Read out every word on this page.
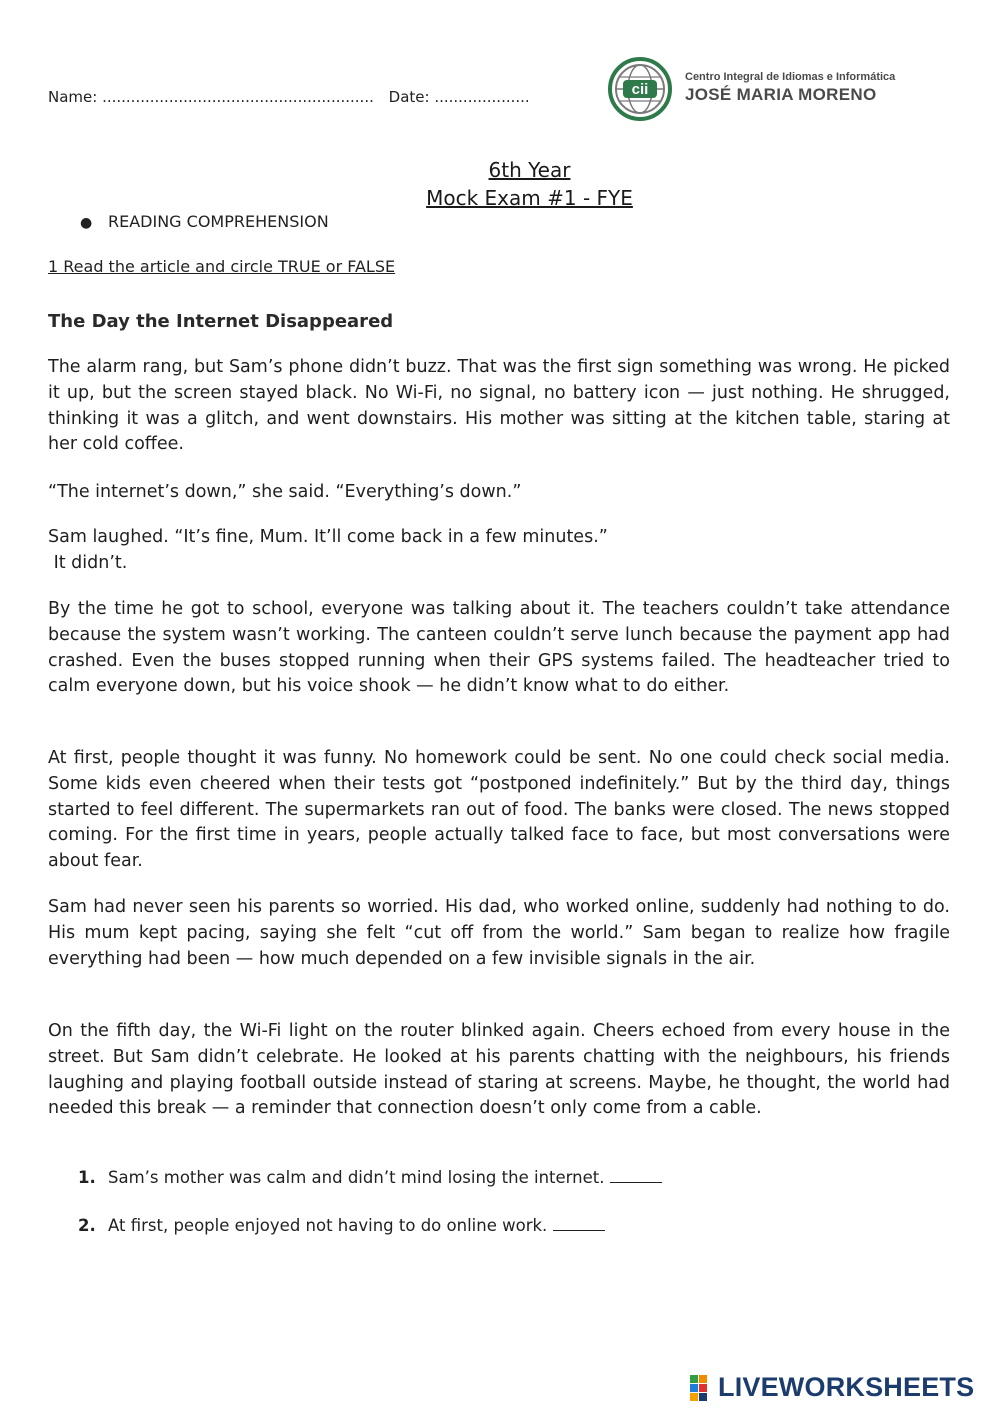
Name: ......................................................... Date: ....................	cii
Centro Integral de Idiomas e Informática
JOSÉ MARIA MORENO
6th Year
Mock Exam #1 - FYE
● READING COMPREHENSION
1 Read the article and circle TRUE or FALSE
The Day the Internet Disappeared

The alarm rang, but Sam’s phone didn’t buzz. That was the first sign something was wrong. He picked it up, but the screen stayed black. No Wi-Fi, no signal, no battery icon — just nothing. He shrugged, thinking it was a glitch, and went downstairs. His mother was sitting at the kitchen table, staring at her cold coffee.

“The internet’s down,” she said. “Everything’s down.”

Sam laughed. “It’s fine, Mum. It’ll come back in a few minutes.”

It didn’t.

By the time he got to school, everyone was talking about it. The teachers couldn’t take attendance because the system wasn’t working. The canteen couldn’t serve lunch because the payment app had crashed. Even the buses stopped running when their GPS systems failed. The headteacher tried to calm everyone down, but his voice shook — he didn’t know what to do either.

At first, people thought it was funny. No homework could be sent. No one could check social media. Some kids even cheered when their tests got “postponed indefinitely.” But by the third day, things started to feel different. The supermarkets ran out of food. The banks were closed. The news stopped coming. For the first time in years, people actually talked face to face, but most conversations were about fear.

Sam had never seen his parents so worried. His dad, who worked online, suddenly had nothing to do. His mum kept pacing, saying she felt “cut off from the world.” Sam began to realize how fragile everything had been — how much depended on a few invisible signals in the air.

On the fifth day, the Wi-Fi light on the router blinked again. Cheers echoed from every house in the street. But Sam didn’t celebrate. He looked at his parents chatting with the neighbours, his friends laughing and playing football outside instead of staring at screens. Maybe, he thought, the world had needed this break — a reminder that connection doesn’t only come from a cable.

1. Sam’s mother was calm and didn’t mind losing the internet.
2. At first, people enjoyed not having to do online work.
LIVEWORKSHEETS
